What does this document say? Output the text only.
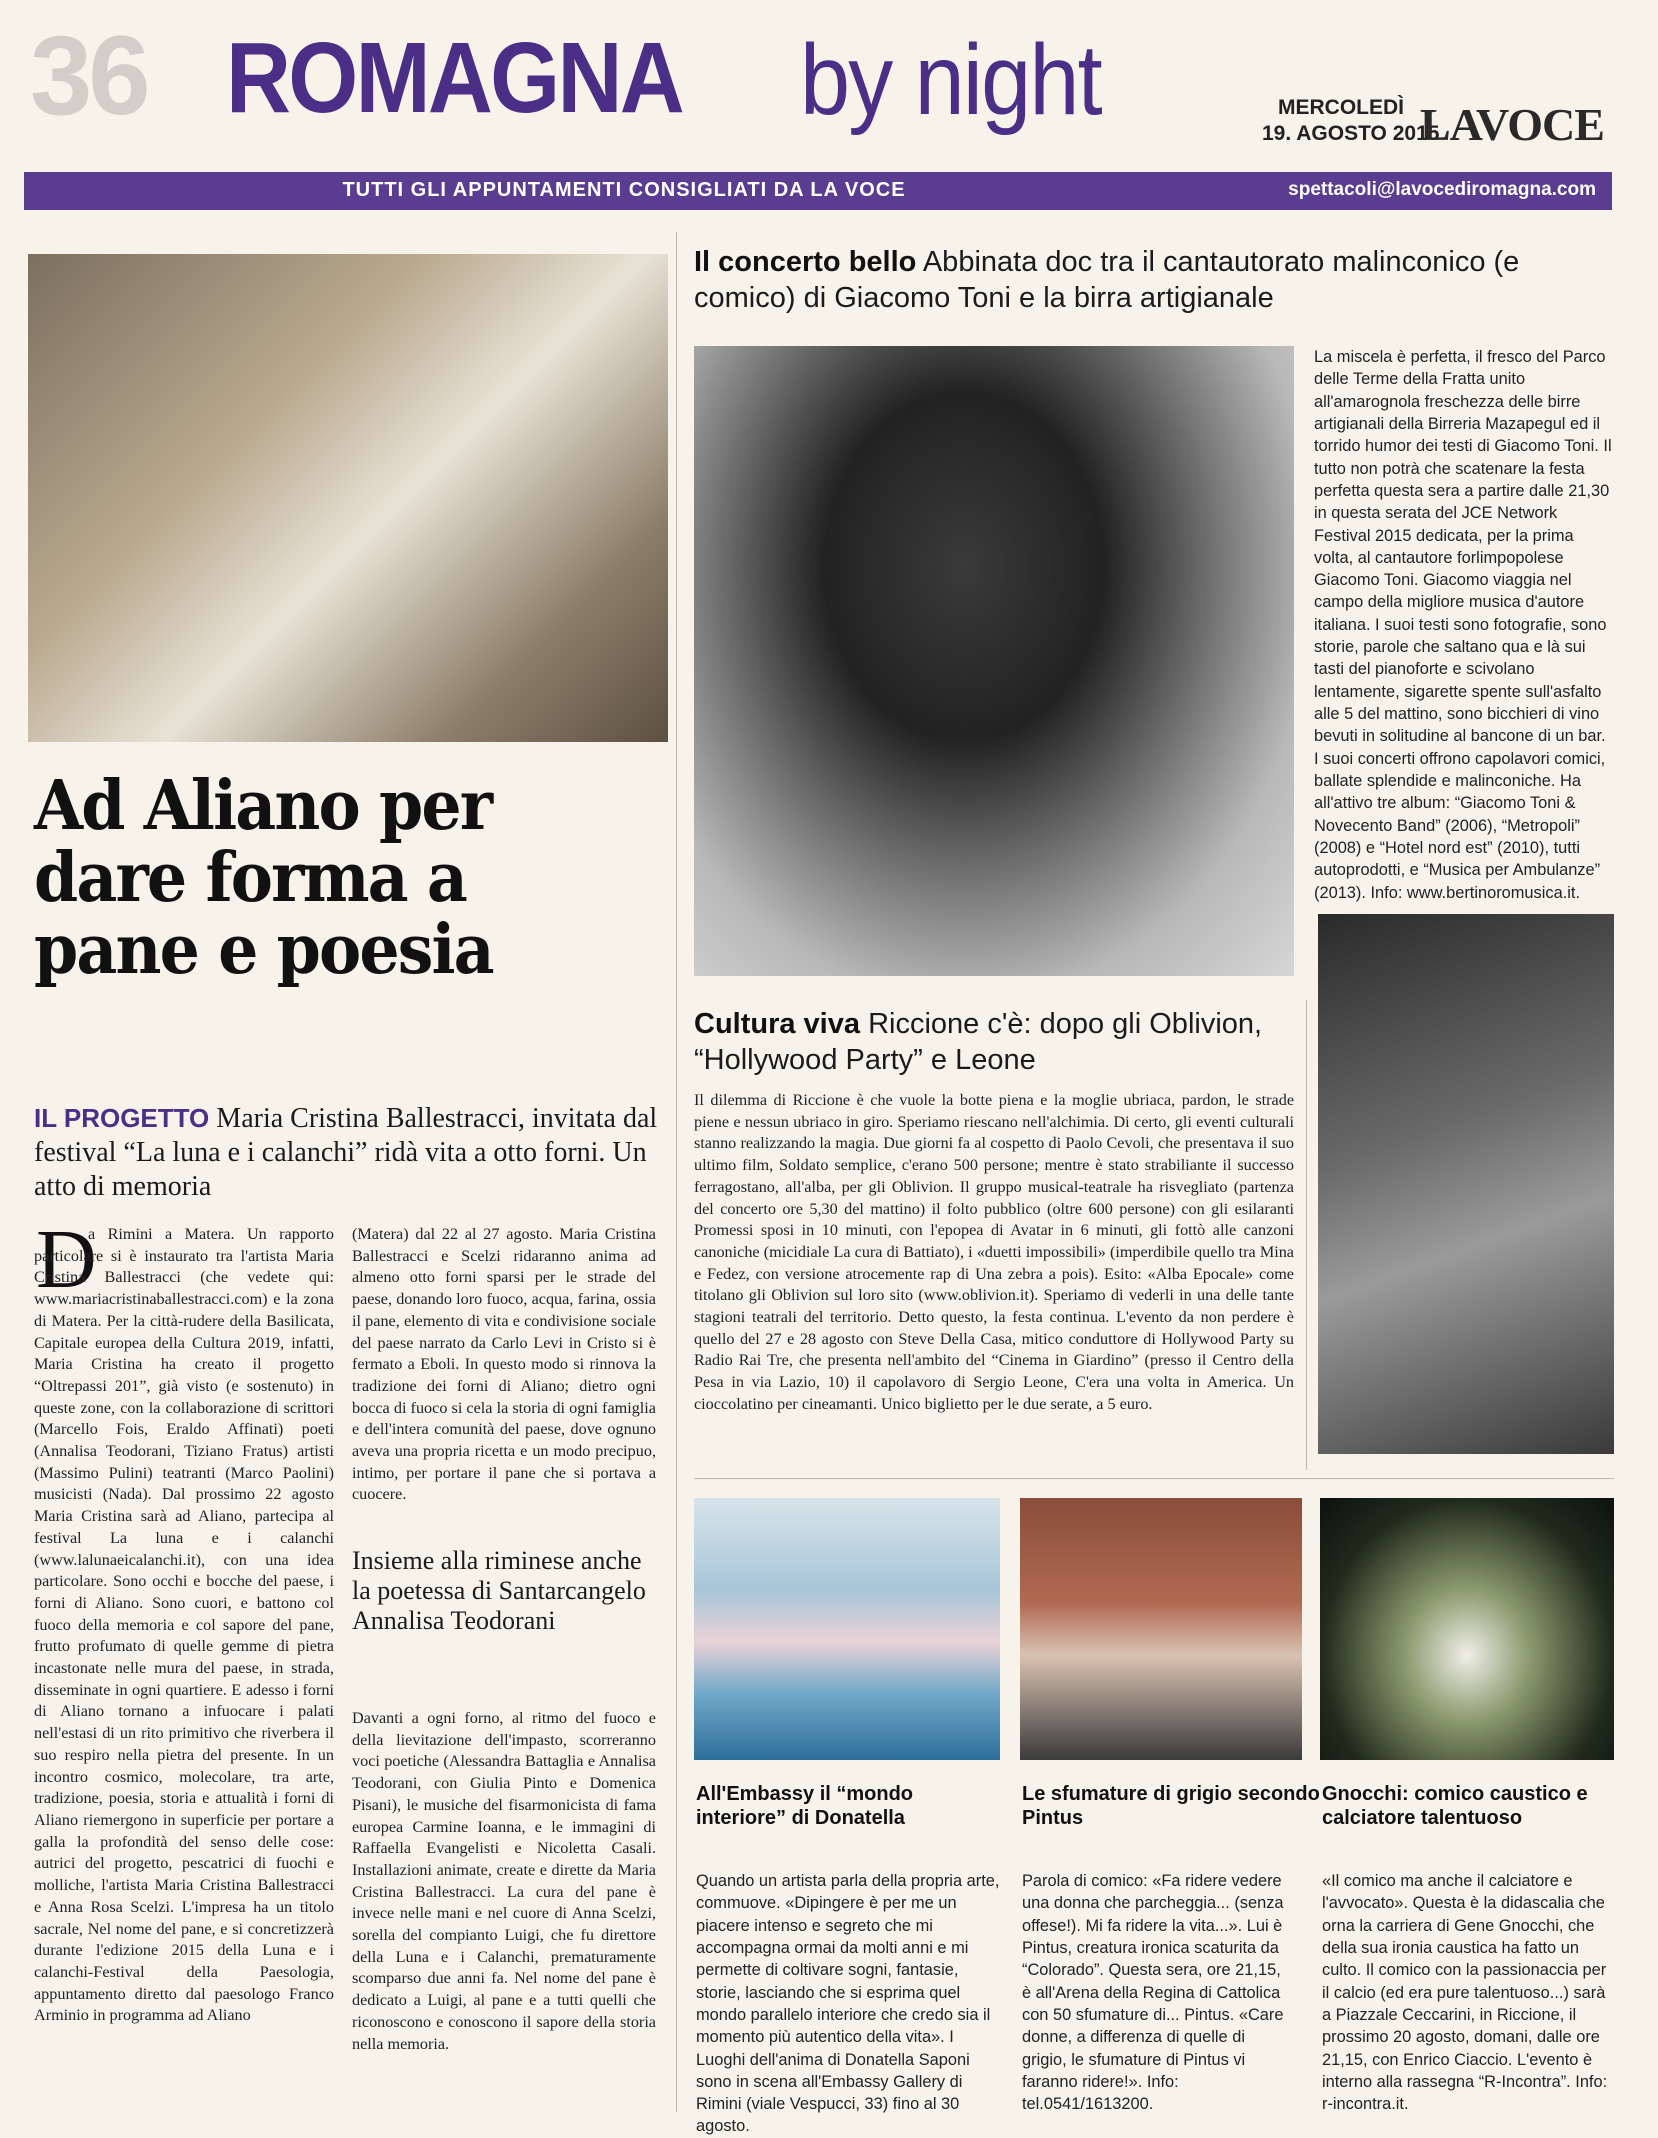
36 ROMAGNA by night	MERCOLEDÌ
19. AGOSTO 2015
LAVOCE
TUTTI GLI APPUNTAMENTI CONSIGLIATI DA LA VOCE	spettacoli@lavocediromagna.com
Ad Aliano per dare forma a pane e poesia
IL PROGETTO Maria Cristina Ballestracci, invitata dal festival “La luna e i calanchi” ridà vita a otto forni. Un atto di memoria
D
a Rimini a Matera. Un rapporto particolare si è instaurato tra l'artista Maria Cristina Ballestracci (che vedete qui: www.mariacristinaballestracci.com) e la zona di Matera. Per la città-rudere della Basilicata, Capitale europea della Cultura 2019, infatti, Maria Cristina ha creato il progetto “Oltrepassi 201”, già visto (e sostenuto) in queste zone, con la collaborazione di scrittori (Marcello Fois, Eraldo Affinati) poeti (Annalisa Teodorani, Tiziano Fratus) artisti (Massimo Pulini) teatranti (Marco Paolini) musicisti (Nada). Dal prossimo 22 agosto Maria Cristina sarà ad Aliano, partecipa al festival La luna e i calanchi (www.lalunaeicalanchi.it), con una idea particolare. Sono occhi e bocche del paese, i forni di Aliano. Sono cuori, e battono col fuoco della memoria e col sapore del pane, frutto profumato di quelle gemme di pietra incastonate nelle mura del paese, in strada, disseminate in ogni quartiere. E adesso i forni di Aliano tornano a infuocare i palati nell'estasi di un rito primitivo che riverbera il suo respiro nella pietra del presente. In un incontro cosmico, molecolare, tra arte, tradizione, poesia, storia e attualità i forni di Aliano riemergono in superficie per portare a galla la profondità del senso delle cose: autrici del progetto, pescatrici di fuochi e molliche, l'artista Maria Cristina Ballestracci e Anna Rosa Scelzi. L'impresa ha un titolo sacrale, Nel nome del pane, e si concretizzerà durante l'edizione 2015 della Luna e i calanchi-Festival della Paesologia, appuntamento diretto dal paesologo Franco Arminio in programma ad Aliano
(Matera) dal 22 al 27 agosto. Maria Cristina Ballestracci e Scelzi ridaranno anima ad almeno otto forni sparsi per le strade del paese, donando loro fuoco, acqua, farina, ossia il pane, elemento di vita e condivisione sociale del paese narrato da Carlo Levi in Cristo si è fermato a Eboli. In questo modo si rinnova la tradizione dei forni di Aliano; dietro ogni bocca di fuoco si cela la storia di ogni famiglia e dell'intera comunità del paese, dove ognuno aveva una propria ricetta e un modo precipuo, intimo, per portare il pane che si portava a cuocere.
Insieme alla riminese anche la poetessa di Santarcangelo Annalisa Teodorani
Davanti a ogni forno, al ritmo del fuoco e della lievitazione dell'impasto, scorreranno voci poetiche (Alessandra Battaglia e Annalisa Teodorani, con Giulia Pinto e Domenica Pisani), le musiche del fisarmonicista di fama europea Carmine Ioanna, e le immagini di Raffaella Evangelisti e Nicoletta Casali. Installazioni animate, create e dirette da Maria Cristina Ballestracci. La cura del pane è invece nelle mani e nel cuore di Anna Scelzi, sorella del compianto Luigi, che fu direttore della Luna e i Calanchi, prematuramente scomparso due anni fa. Nel nome del pane è dedicato a Luigi, al pane e a tutti quelli che riconoscono e conoscono il sapore della storia nella memoria.
Il concerto bello Abbinata doc tra il cantautorato malinconico (e comico) di Giacomo Toni e la birra artigianale
La miscela è perfetta, il fresco del Parco delle Terme della Fratta unito all'amarognola freschezza delle birre artigianali della Birreria Mazapegul ed il torrido humor dei testi di Giacomo Toni. Il tutto non potrà che scatenare la festa perfetta questa sera a partire dalle 21,30 in questa serata del JCE Network Festival 2015 dedicata, per la prima volta, al cantautore forlimpopolese Giacomo Toni. Giacomo viaggia nel campo della migliore musica d'autore italiana. I suoi testi sono fotografie, sono storie, parole che saltano qua e là sui tasti del pianoforte e scivolano lentamente, sigarette spente sull'asfalto alle 5 del mattino, sono bicchieri di vino bevuti in solitudine al bancone di un bar. I suoi concerti offrono capolavori comici, ballate splendide e malinconiche. Ha all'attivo tre album: “Giacomo Toni & Novecento Band” (2006), “Metropoli” (2008) e “Hotel nord est” (2010), tutti autoprodotti, e “Musica per Ambulanze” (2013). Info: www.bertinoromusica.it.
Cultura viva Riccione c'è: dopo gli Oblivion, “Hollywood Party” e Leone
Il dilemma di Riccione è che vuole la botte piena e la moglie ubriaca, pardon, le strade piene e nessun ubriaco in giro. Speriamo riescano nell'alchimia. Di certo, gli eventi culturali stanno realizzando la magia. Due giorni fa al cospetto di Paolo Cevoli, che presentava il suo ultimo film, Soldato semplice, c'erano 500 persone; mentre è stato strabiliante il successo ferragostano, all'alba, per gli Oblivion. Il gruppo musical-teatrale ha risvegliato (partenza del concerto ore 5,30 del mattino) il folto pubblico (oltre 600 persone) con gli esilaranti Promessi sposi in 10 minuti, con l'epopea di Avatar in 6 minuti, gli fottò alle canzoni canoniche (micidiale La cura di Battiato), i «duetti impossibili» (imperdibile quello tra Mina e Fedez, con versione atrocemente rap di Una zebra a pois). Esito: «Alba Epocale» come titolano gli Oblivion sul loro sito (www.oblivion.it). Speriamo di vederli in una delle tante stagioni teatrali del territorio. Detto questo, la festa continua. L'evento da non perdere è quello del 27 e 28 agosto con Steve Della Casa, mitico conduttore di Hollywood Party su Radio Rai Tre, che presenta nell'ambito del “Cinema in Giardino” (presso il Centro della Pesa in via Lazio, 10) il capolavoro di Sergio Leone, C'era una volta in America. Un cioccolatino per cineamanti. Unico biglietto per le due serate, a 5 euro.
All'Embassy il “mondo interiore” di Donatella
Quando un artista parla della propria arte, commuove. «Dipingere è per me un piacere intenso e segreto che mi accompagna ormai da molti anni e mi permette di coltivare sogni, fantasie, storie, lasciando che si esprima quel mondo parallelo interiore che credo sia il momento più autentico della vita». I Luoghi dell'anima di Donatella Saponi sono in scena all'Embassy Gallery di Rimini (viale Vespucci, 33) fino al 30 agosto.
Le sfumature di grigio secondo Pintus
Parola di comico: «Fa ridere vedere una donna che parcheggia... (senza offese!). Mi fa ridere la vita...». Lui è Pintus, creatura ironica scaturita da “Colorado”. Questa sera, ore 21,15, è all'Arena della Regina di Cattolica con 50 sfumature di... Pintus. «Care donne, a differenza di quelle di grigio, le sfumature di Pintus vi faranno ridere!». Info: tel.0541/1613200.
Gnocchi: comico caustico e calciatore talentuoso
«Il comico ma anche il calciatore e l'avvocato». Questa è la didascalia che orna la carriera di Gene Gnocchi, che della sua ironia caustica ha fatto un culto. Il comico con la passionaccia per il calcio (ed era pure talentuoso...) sarà a Piazzale Ceccarini, in Riccione, il prossimo 20 agosto, domani, dalle ore 21,15, con Enrico Ciaccio. L'evento è interno alla rassegna “R-Incontra”. Info: r-incontra.it.
